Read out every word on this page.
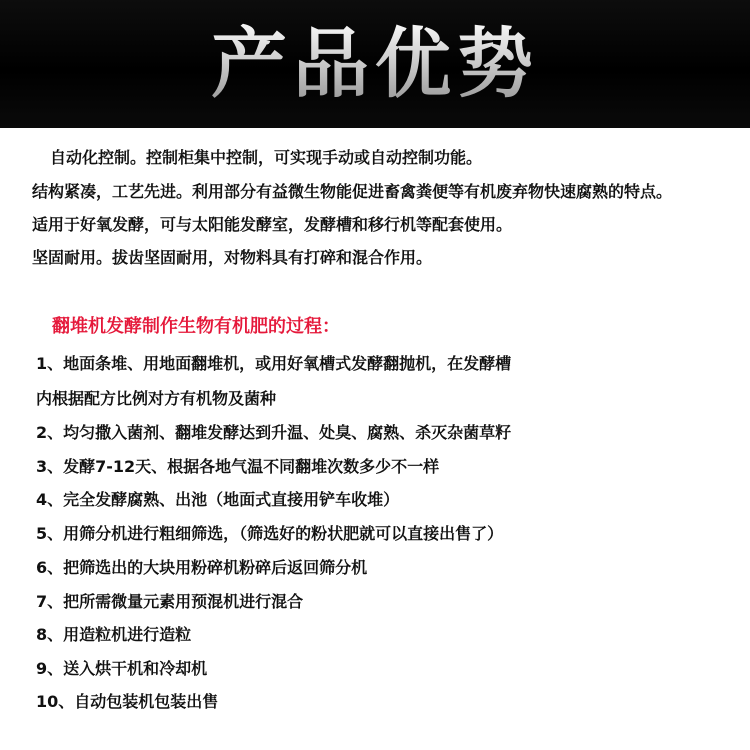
产品优势
自动化控制。控制柜集中控制，可实现手动或自动控制功能。
结构紧凑，工艺先进。利用部分有益微生物能促进畜禽粪便等有机废弃物快速腐熟的特点。
适用于好氧发酵，可与太阳能发酵室，发酵槽和移行机等配套使用。
坚固耐用。拔齿坚固耐用，对物料具有打碎和混合作用。
翻堆机发酵制作生物有机肥的过程：
1、地面条堆、用地面翻堆机，或用好氧槽式发酵翻抛机，在发酵槽
内根据配方比例对方有机物及菌种
2、均匀撒入菌剂、翻堆发酵达到升温、处臭、腐熟、杀灭杂菌草籽
3、发酵7-12天、根据各地气温不同翻堆次数多少不一样
4、完全发酵腐熟、出池（地面式直接用铲车收堆）
5、用筛分机进行粗细筛选，（筛选好的粉状肥就可以直接出售了）
6、把筛选出的大块用粉碎机粉碎后返回筛分机
7、把所需微量元素用预混机进行混合
8、用造粒机进行造粒
9、送入烘干机和冷却机
10、自动包装机包装出售
